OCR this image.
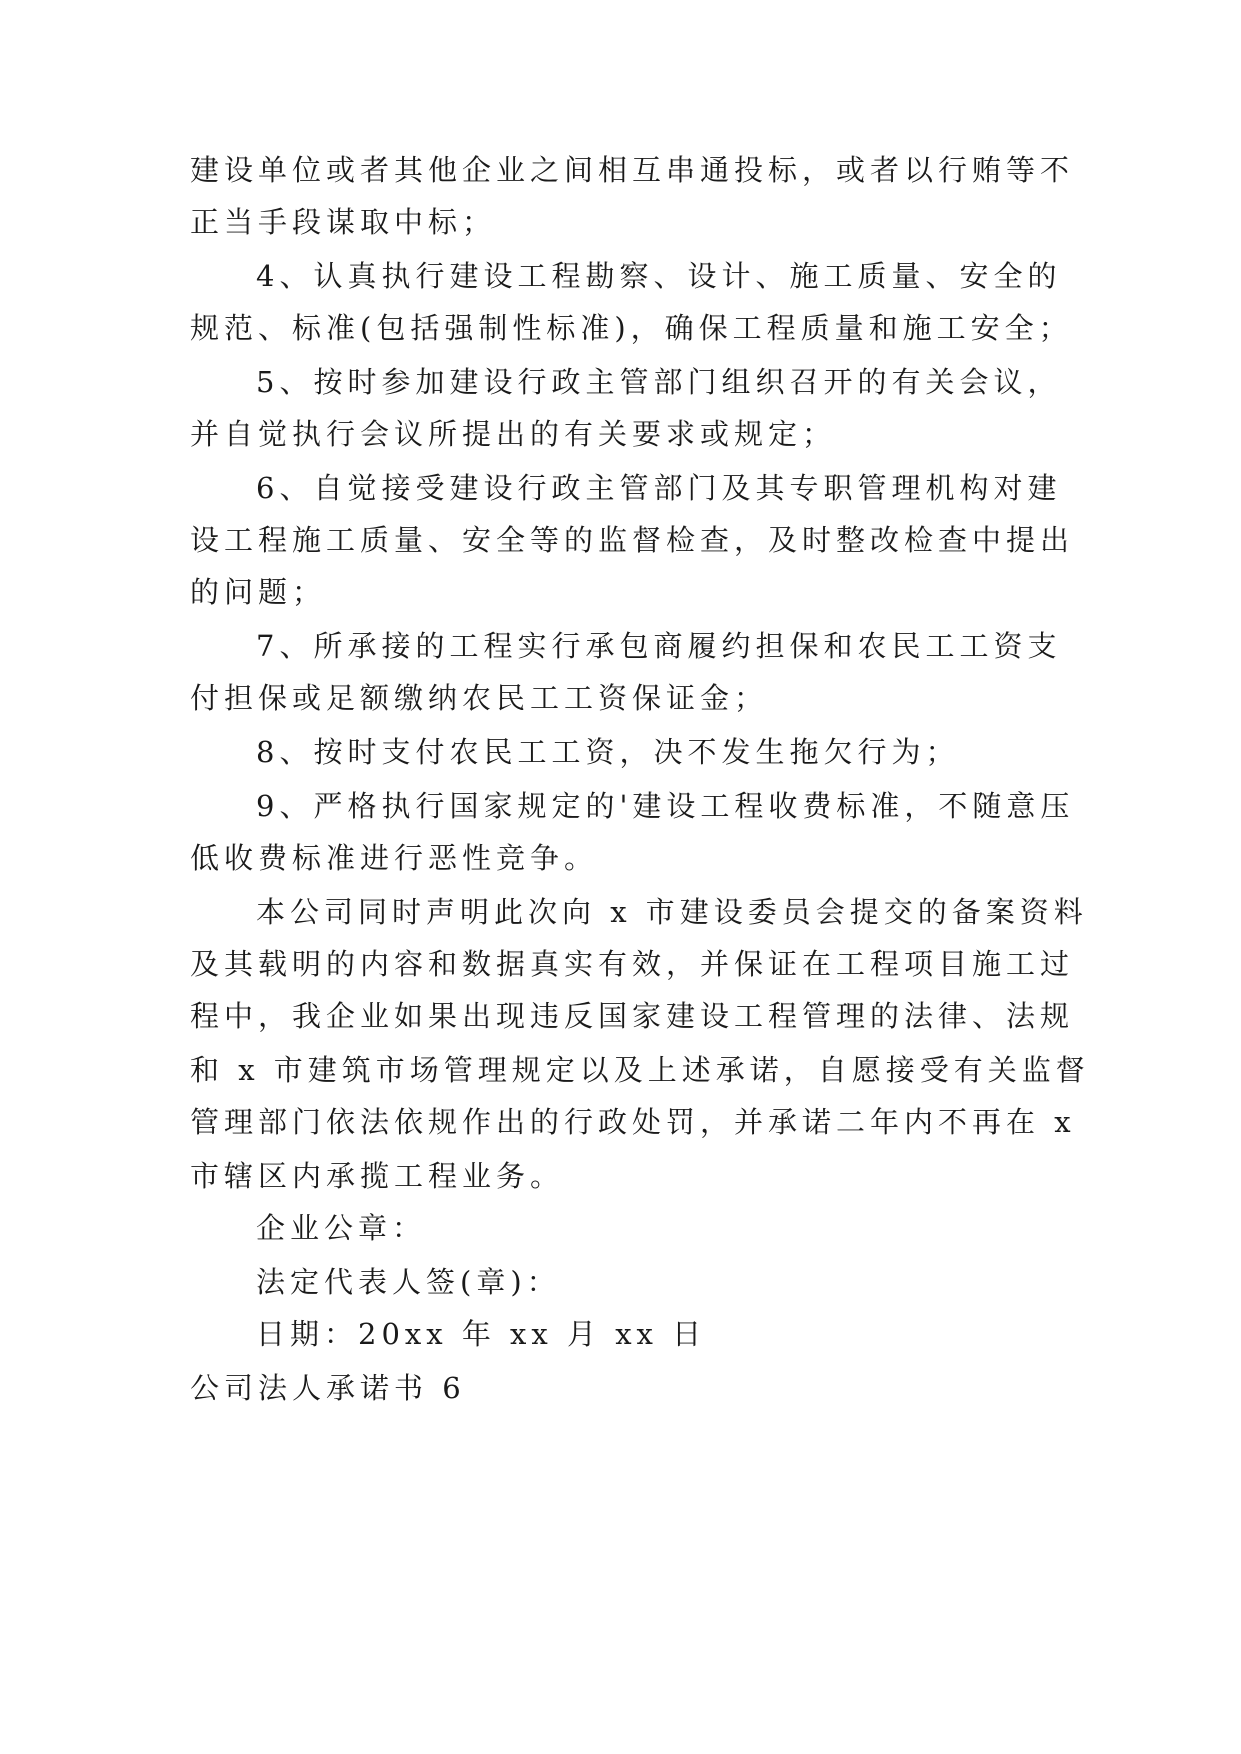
建设单位或者其他企业之间相互串通投标，或者以行贿等不
正当手段谋取中标；
4、认真执行建设工程勘察、设计、施工质量、安全的
规范、标准(包括强制性标准)，确保工程质量和施工安全；
5、按时参加建设行政主管部门组织召开的有关会议，
并自觉执行会议所提出的有关要求或规定；
6、自觉接受建设行政主管部门及其专职管理机构对建
设工程施工质量、安全等的监督检查，及时整改检查中提出
的问题；
7、所承接的工程实行承包商履约担保和农民工工资支
付担保或足额缴纳农民工工资保证金；
8、按时支付农民工工资，决不发生拖欠行为；
9、严格执行国家规定的'建设工程收费标准，不随意压
低收费标准进行恶性竞争。
本公司同时声明此次向 x 市建设委员会提交的备案资料
及其载明的内容和数据真实有效，并保证在工程项目施工过
程中，我企业如果出现违反国家建设工程管理的法律、法规
和 x 市建筑市场管理规定以及上述承诺，自愿接受有关监督
管理部门依法依规作出的行政处罚，并承诺二年内不再在 x
市辖区内承揽工程业务。
企业公章：
法定代表人签(章)：
日期：20xx 年 xx 月 xx 日
公司法人承诺书 6
